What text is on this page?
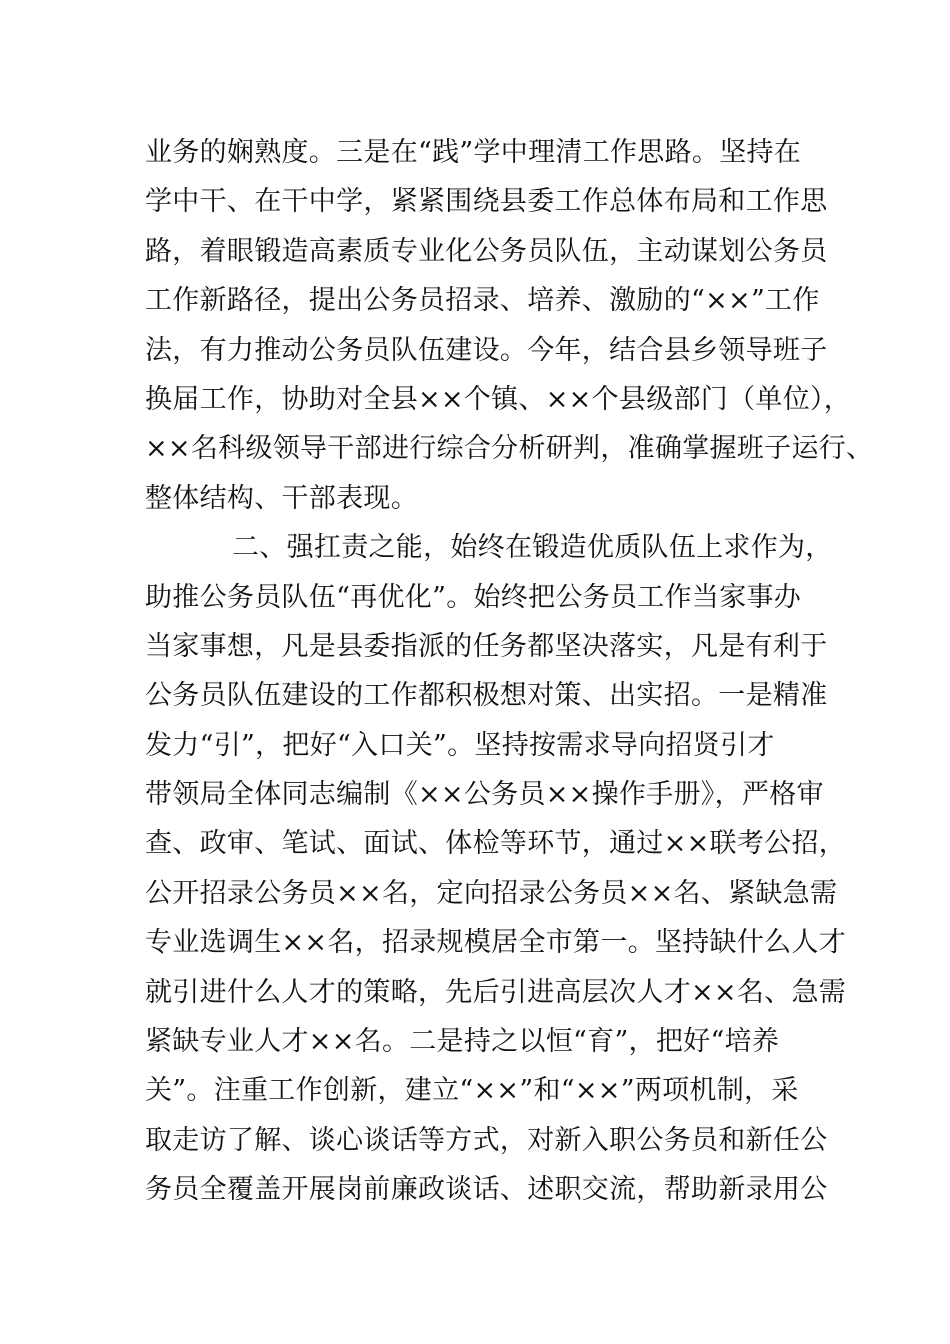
业务的娴熟度。三是在“践”学中理清工作思路。坚持在
学中干、在干中学，紧紧围绕县委工作总体布局和工作思
路，着眼锻造高素质专业化公务员队伍，主动谋划公务员
工作新路径，提出公务员招录、培养、激励的“××”工作
法，有力推动公务员队伍建设。今年，结合县乡领导班子
换届工作，协助对全县××个镇、××个县级部门（单位），
××名科级领导干部进行综合分析研判，准确掌握班子运行、
整体结构、干部表现。
二、强扛责之能，始终在锻造优质队伍上求作为，
助推公务员队伍“再优化”。始终把公务员工作当家事办
当家事想，凡是县委指派的任务都坚决落实，凡是有利于
公务员队伍建设的工作都积极想对策、出实招。一是精准
发力“引”，把好“入口关”。坚持按需求导向招贤引才
带领局全体同志编制《××公务员××操作手册》，严格审
查、政审、笔试、面试、体检等环节，通过××联考公招，
公开招录公务员××名，定向招录公务员××名、紧缺急需
专业选调生××名，招录规模居全市第一。坚持缺什么人才
就引进什么人才的策略，先后引进高层次人才××名、急需
紧缺专业人才××名。二是持之以恒“育”，把好“培养
关”。注重工作创新，建立“××”和“××”两项机制，采
取走访了解、谈心谈话等方式，对新入职公务员和新任公
务员全覆盖开展岗前廉政谈话、述职交流，帮助新录用公
